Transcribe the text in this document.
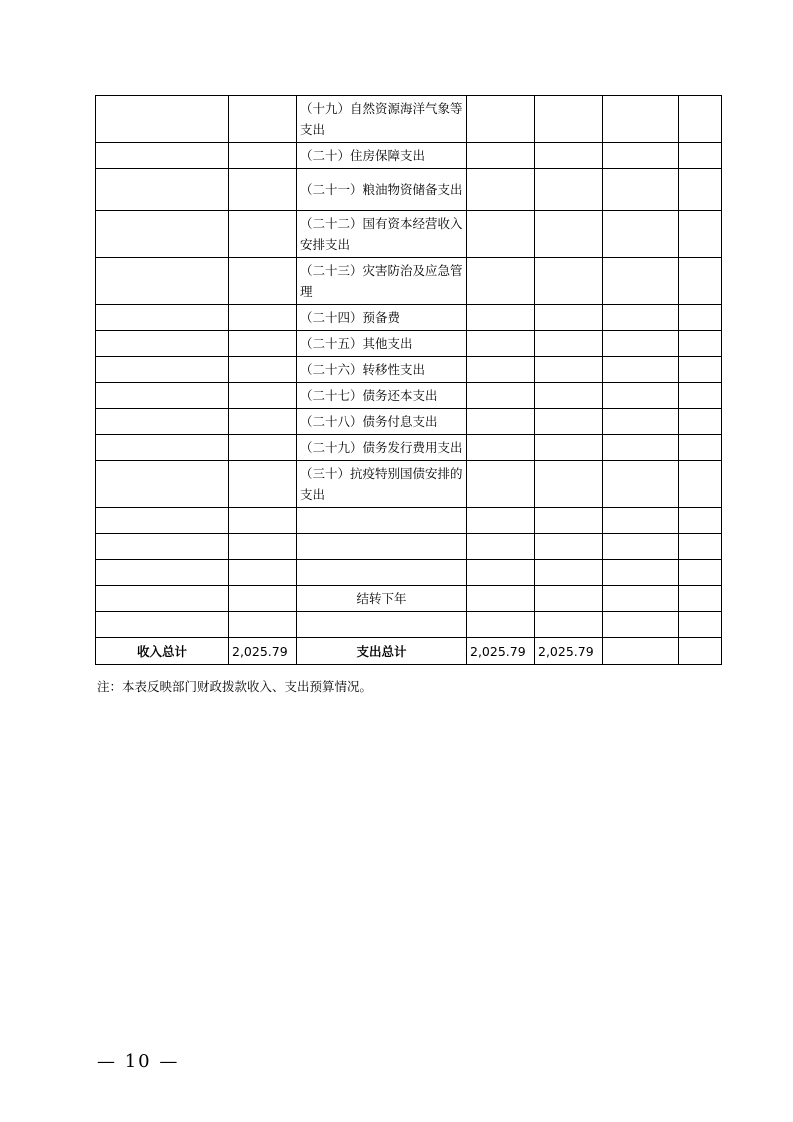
		（十九）自然资源海洋气象等支出				
		（二十）住房保障支出				
		（二十一）粮油物资储备支出				
		（二十二）国有资本经营收入安排支出				
		（二十三）灾害防治及应急管理				
		（二十四）预备费				
		（二十五）其他支出				
		（二十六）转移性支出				
		（二十七）债务还本支出				
		（二十八）债务付息支出				
		（二十九）债务发行费用支出				
		（三十）抗疫特别国债安排的支出				

		结转下年				

收入总计	2,025.79	支出总计	2,025.79	2,025.79		
注：本表反映部门财政拨款收入、支出预算情况。
— 10 —
